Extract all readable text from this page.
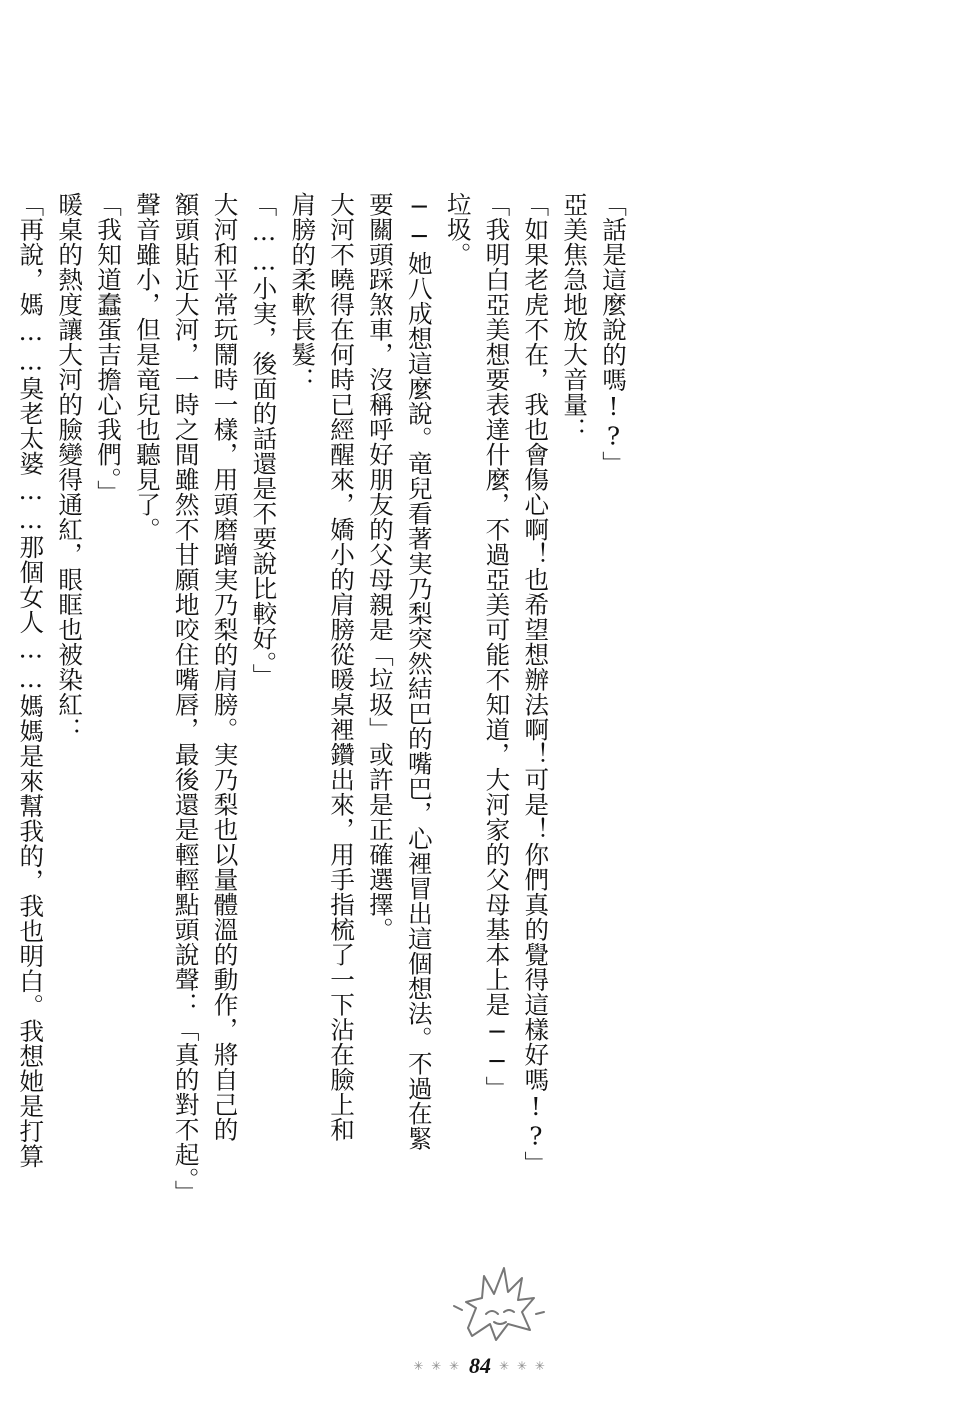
「話是這麼說的嗎!?」
亞美焦急地放大音量：
「如果老虎不在，我也會傷心啊！也希望想辦法啊！可是！你們真的覺得這樣好嗎!?」
「我明白亞美想要表達什麼，不過亞美可能不知道，大河家的父母基本上是──」
垃圾。
──她八成想這麼說。竜兒看著実乃梨突然結巴的嘴巴，心裡冒出這個想法。不過在緊
要關頭踩煞車，沒稱呼好朋友的父母親是「垃圾」或許是正確選擇。
大河不曉得在何時已經醒來，嬌小的肩膀從暖桌裡鑽出來，用手指梳了一下沾在臉上和
肩膀的柔軟長髮：
「……小実，後面的話還是不要說比較好。」
大河和平常玩鬧時一樣，用頭磨蹭実乃梨的肩膀。実乃梨也以量體溫的動作，將自己的
額頭貼近大河，一時之間雖然不甘願地咬住嘴唇，最後還是輕輕點頭說聲：「真的對不起。」
聲音雖小，但是竜兒也聽見了。
「我知道蠢蛋吉擔心我們。」
暖桌的熱度讓大河的臉變得通紅，眼眶也被染紅：
「再說，媽……臭老太婆……那個女人……媽媽是來幫我的，我也明白。我想她是打算
✳ ✳ ✳ 84 ✳ ✳ ✳
